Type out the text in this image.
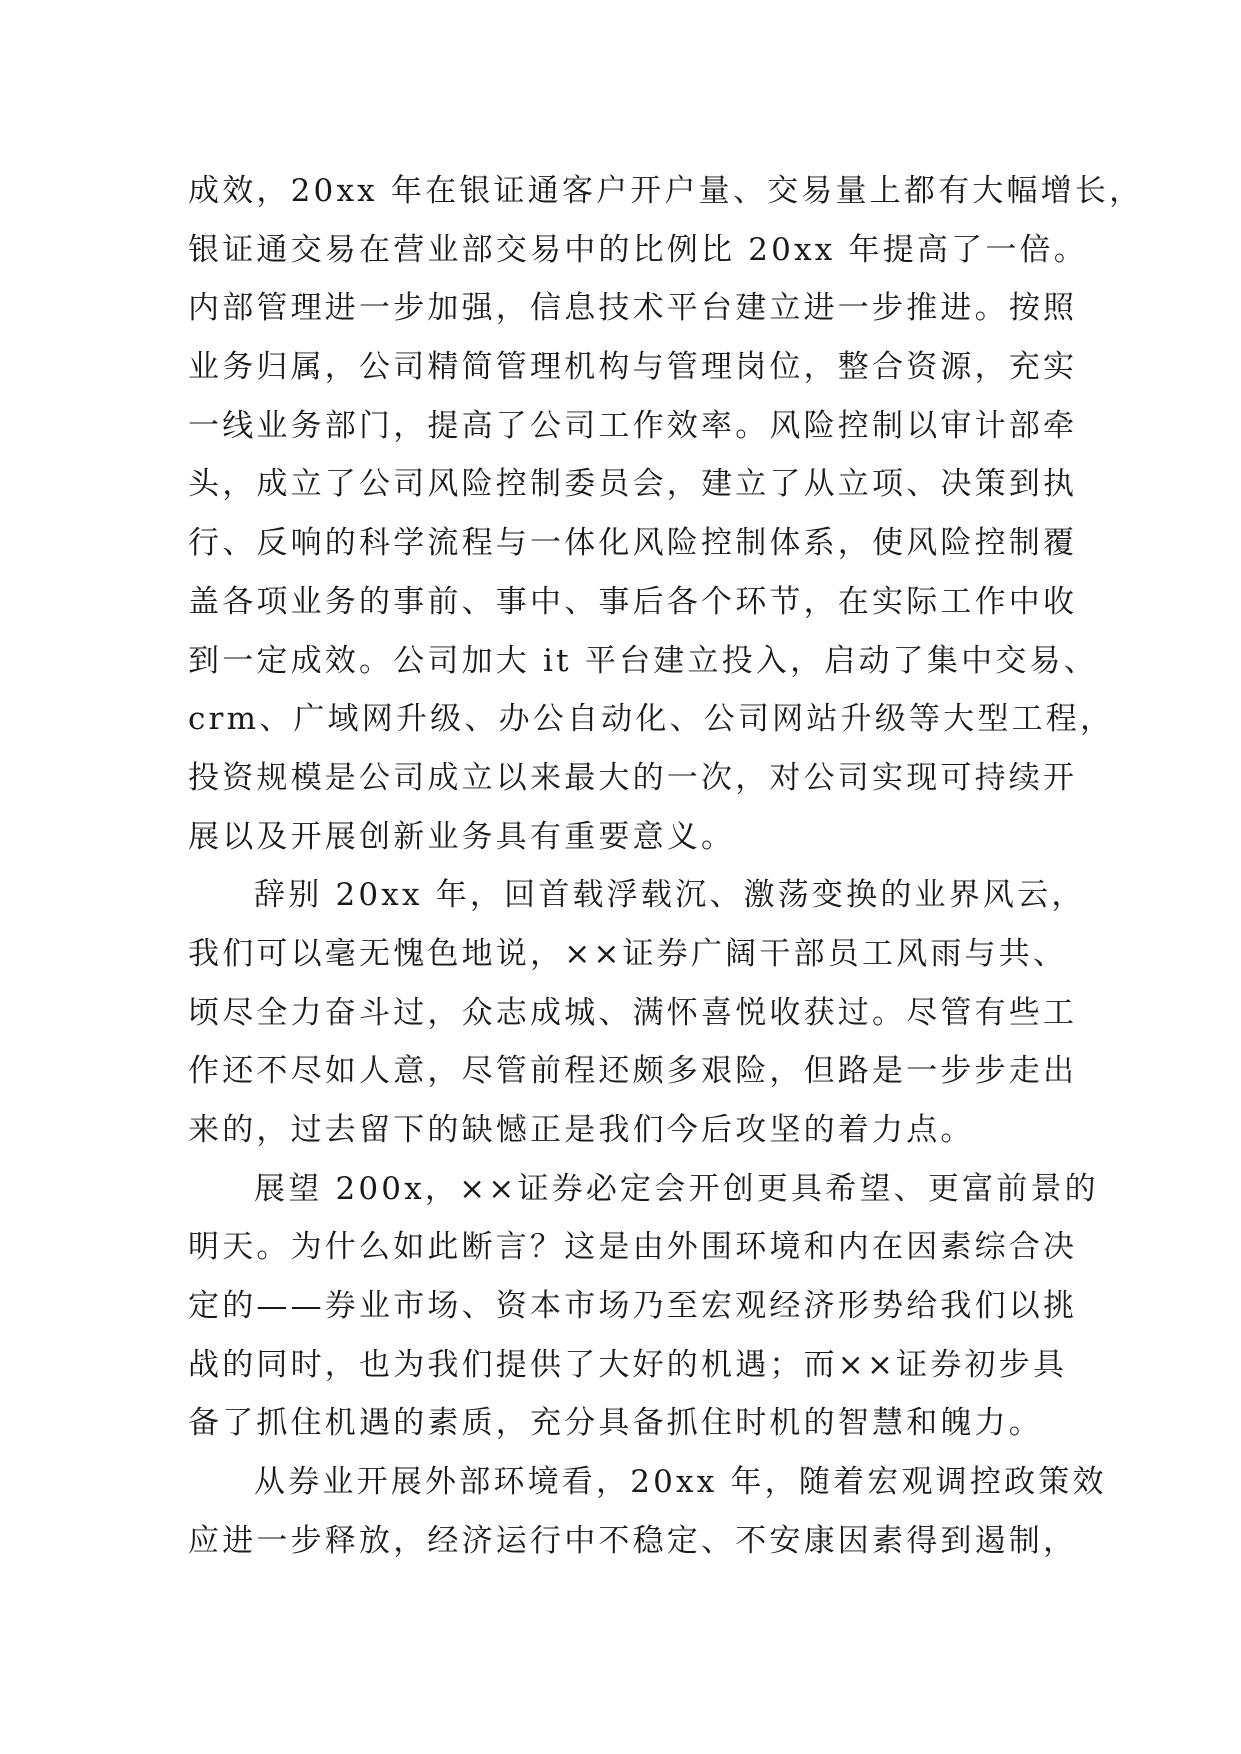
成效，20xx 年在银证通客户开户量、交易量上都有大幅增长，
银证通交易在营业部交易中的比例比 20xx 年提高了一倍。
内部管理进一步加强，信息技术平台建立进一步推进。按照
业务归属，公司精简管理机构与管理岗位，整合资源，充实
一线业务部门，提高了公司工作效率。风险控制以审计部牵
头，成立了公司风险控制委员会，建立了从立项、决策到执
行、反响的科学流程与一体化风险控制体系，使风险控制覆
盖各项业务的事前、事中、事后各个环节，在实际工作中收
到一定成效。公司加大 it 平台建立投入，启动了集中交易、
crm、广域网升级、办公自动化、公司网站升级等大型工程，
投资规模是公司成立以来最大的一次，对公司实现可持续开
展以及开展创新业务具有重要意义。
辞别 20xx 年，回首载浮载沉、激荡变换的业界风云，
我们可以毫无愧色地说，××证券广阔干部员工风雨与共、
顷尽全力奋斗过，众志成城、满怀喜悦收获过。尽管有些工
作还不尽如人意，尽管前程还颇多艰险，但路是一步步走出
来的，过去留下的缺憾正是我们今后攻坚的着力点。
展望 200x，××证券必定会开创更具希望、更富前景的
明天。为什么如此断言？这是由外围环境和内在因素综合决
定的——券业市场、资本市场乃至宏观经济形势给我们以挑
战的同时，也为我们提供了大好的机遇；而××证券初步具
备了抓住机遇的素质，充分具备抓住时机的智慧和魄力。
从券业开展外部环境看，20xx 年，随着宏观调控政策效
应进一步释放，经济运行中不稳定、不安康因素得到遏制，
